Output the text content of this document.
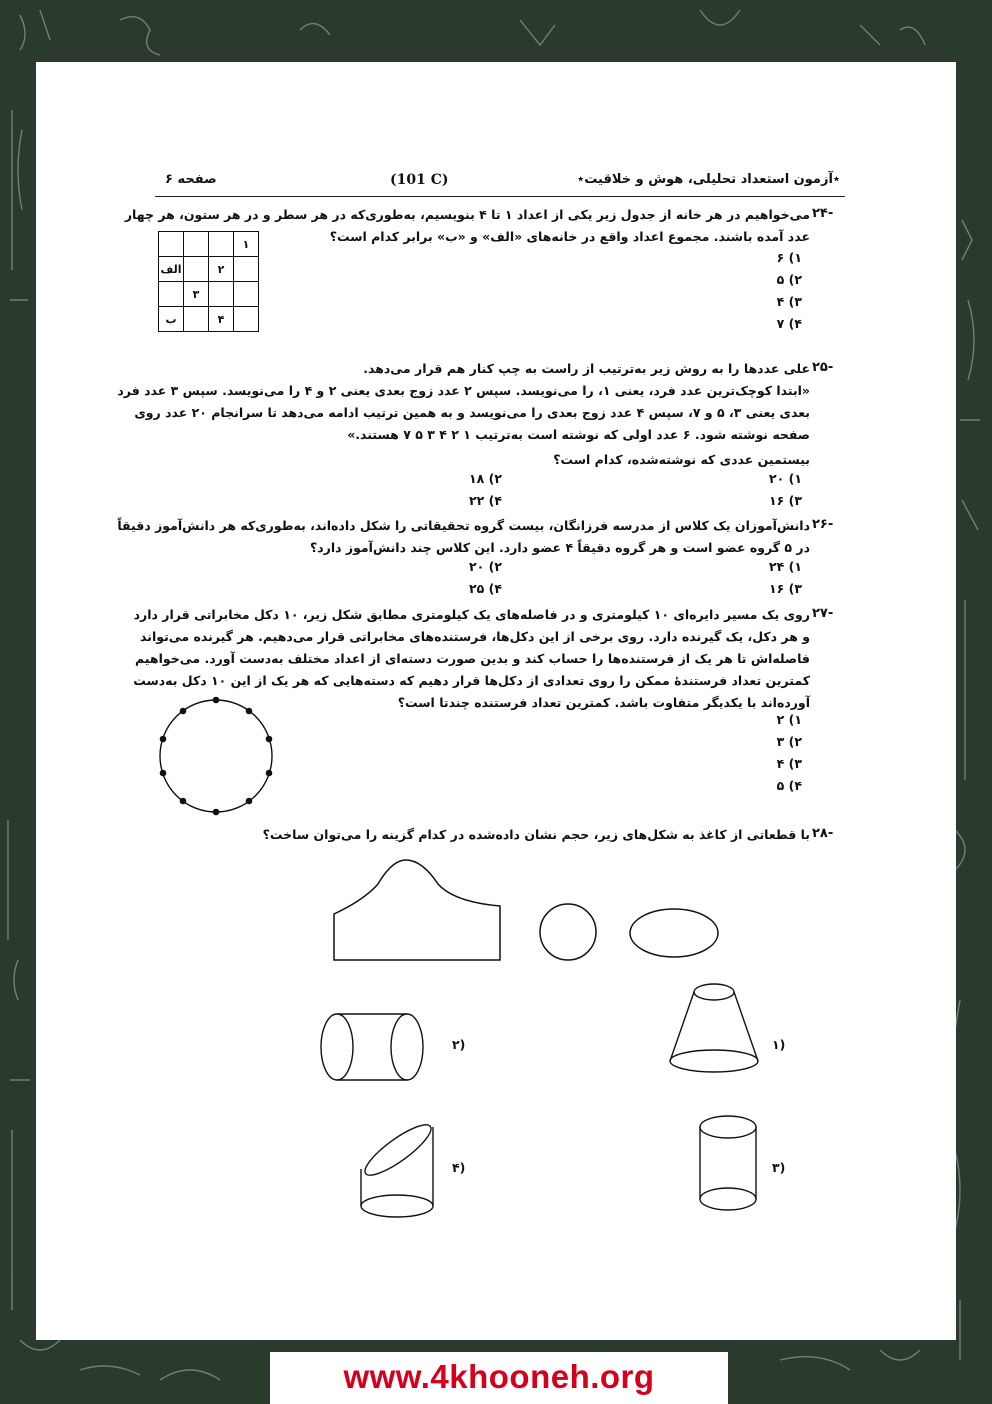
٭آزمون استعداد تحلیلی، هوش و خلاقیت٭
(101 C)
صفحه ۶
-۲۴
می‌خواهیم در هر خانه از جدول زیر یکی از اعداد ۱ تا ۴ بنویسیم، به‌طوری‌که در هر سطر و در هر ستون، هر چهار
عدد آمده باشند. مجموع اعداد واقع در خانه‌های «الف» و «ب» برابر کدام است؟
			۱
الف		۲	
	۳		
ب		۴	
۱) ۶
۲) ۵
۳) ۴
۴) ۷
-۲۵
علی عددها را به روش زیر به‌ترتیب از راست به چپ کنار هم قرار می‌دهد.
«ابتدا کوچک‌ترین عدد فرد، یعنی ۱، را می‌نویسد. سپس ۲ عدد زوج بعدی یعنی ۲ و ۴ را می‌نویسد. سپس ۳ عدد فرد
بعدی یعنی ۳، ۵ و ۷، سپس ۴ عدد زوج بعدی را می‌نویسد و به همین ترتیب ادامه می‌دهد تا سرانجام ۲۰ عدد روی
صفحه نوشته شود. ۶ عدد اولی که نوشته است به‌ترتیب ۱ ۲ ۴ ۳ ۵ ۷ هستند.»
بیستمین عددی که نوشته‌شده، کدام است؟
۱) ۲۰
۲) ۱۸
۳) ۱۶
۴) ۲۲
-۲۶
دانش‌آموزان یک کلاس از مدرسه فرزانگان، بیست گروه تحقیقاتی را شکل داده‌اند، به‌طوری‌که هر دانش‌آموز دقیقاً
در ۵ گروه عضو است و هر گروه دقیقاً ۴ عضو دارد. این کلاس چند دانش‌آموز دارد؟
۱) ۲۴
۲) ۲۰
۳) ۱۶
۴) ۲۵
-۲۷
روی یک مسیر دایره‌ای ۱۰ کیلومتری و در فاصله‌های یک کیلومتری مطابق شکل زیر، ۱۰ دکل مخابراتی قرار دارد
و هر دکل، یک گیرنده دارد. روی برخی از این دکل‌ها، فرستنده‌های مخابراتی قرار می‌دهیم. هر گیرنده می‌تواند
فاصله‌اش تا هر یک از فرستنده‌ها را حساب کند و بدین صورت دسته‌ای از اعداد مختلف به‌دست آورد. می‌خواهیم
کمترین تعداد فرستندهٔ ممکن را روی تعدادی از دکل‌ها قرار دهیم که دسته‌هایی که هر یک از این ۱۰ دکل به‌دست
آورده‌اند با یکدیگر متفاوت باشد. کمترین تعداد فرستنده چندتا است؟
۱) ۲
۲) ۳
۳) ۴
۴) ۵
-۲۸
با قطعاتی از کاغذ به شکل‌های زیر، حجم نشان داده‌شده در کدام گزینه را می‌توان ساخت؟
(۱
(۲
(۳
(۴
www.4khooneh.org
